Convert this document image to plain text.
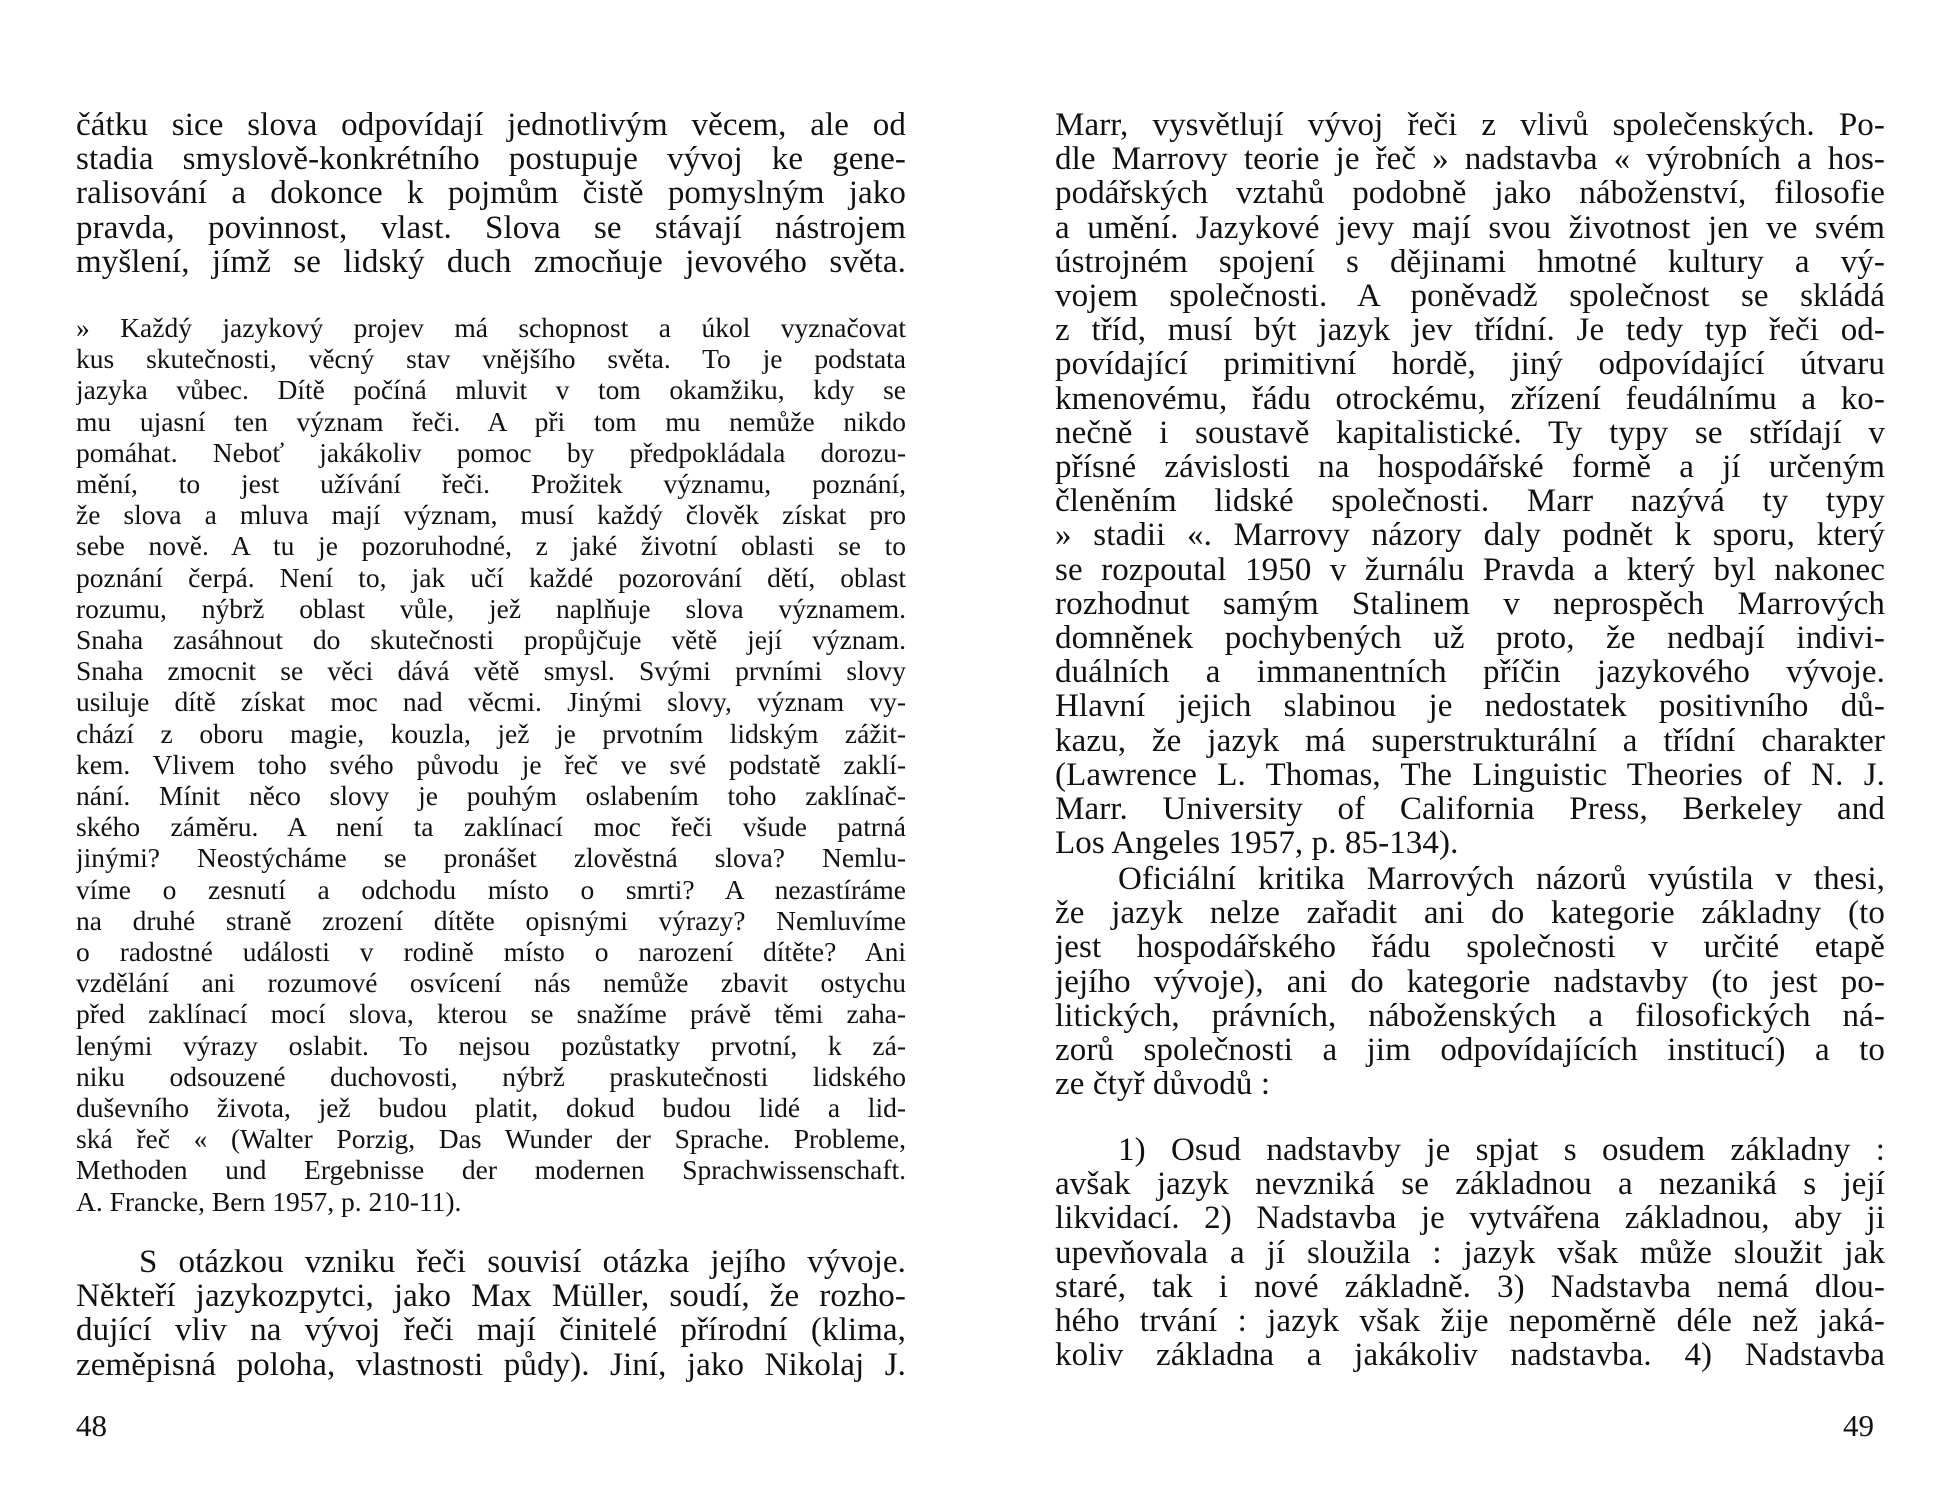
čátku sice slova odpovídají jednotlivým věcem, ale od
stadia smyslově-konkrétního postupuje vývoj ke gene-
ralisování a dokonce k pojmům čistě pomyslným jako
pravda, povinnost, vlast. Slova se stávají nástrojem
myšlení, jímž se lidský duch zmocňuje jevového světa.
» Každý jazykový projev má schopnost a úkol vyznačovat
kus skutečnosti, věcný stav vnějšího světa. To je podstata
jazyka vůbec. Dítě počíná mluvit v tom okamžiku, kdy se
mu ujasní ten význam řeči. A při tom mu nemůže nikdo
pomáhat. Neboť jakákoliv pomoc by předpokládala dorozu-
mění, to jest užívání řeči. Prožitek významu, poznání,
že slova a mluva mají význam, musí každý člověk získat pro
sebe nově. A tu je pozoruhodné, z jaké životní oblasti se to
poznání čerpá. Není to, jak učí každé pozorování dětí, oblast
rozumu, nýbrž oblast vůle, jež naplňuje slova významem.
Snaha zasáhnout do skutečnosti propůjčuje větě její význam.
Snaha zmocnit se věci dává větě smysl. Svými prvními slovy
usiluje dítě získat moc nad věcmi. Jinými slovy, význam vy-
chází z oboru magie, kouzla, jež je prvotním lidským zážit-
kem. Vlivem toho svého původu je řeč ve své podstatě zaklí-
nání. Mínit něco slovy je pouhým oslabením toho zaklínač-
ského záměru. A není ta zaklínací moc řeči všude patrná
jinými? Neostýcháme se pronášet zlověstná slova? Nemlu-
víme o zesnutí a odchodu místo o smrti? A nezastíráme
na druhé straně zrození dítěte opisnými výrazy? Nemluvíme
o radostné události v rodině místo o narození dítěte? Ani
vzdělání ani rozumové osvícení nás nemůže zbavit ostychu
před zaklínací mocí slova, kterou se snažíme právě těmi zaha-
lenými výrazy oslabit. To nejsou pozůstatky prvotní, k zá-
niku odsouzené duchovosti, nýbrž praskutečnosti lidského
duševního života, jež budou platit, dokud budou lidé a lid-
ská řeč « (Walter Porzig, Das Wunder der Sprache. Probleme,
Methoden und Ergebnisse der modernen Sprachwissenschaft.
A. Francke, Bern 1957, p. 210-11).
S otázkou vzniku řeči souvisí otázka jejího vývoje.
Někteří jazykozpytci, jako Max Müller, soudí, že rozho-
dující vliv na vývoj řeči mají činitelé přírodní (klima,
zeměpisná poloha, vlastnosti půdy). Jiní, jako Nikolaj J.
48
Marr, vysvětlují vývoj řeči z vlivů společenských. Po-
dle Marrovy teorie je řeč » nadstavba « výrobních a hos-
podářských vztahů podobně jako náboženství, filosofie
a umění. Jazykové jevy mají svou životnost jen ve svém
ústrojném spojení s dějinami hmotné kultury a vý-
vojem společnosti. A poněvadž společnost se skládá
z tříd, musí být jazyk jev třídní. Je tedy typ řeči od-
povídající primitivní hordě, jiný odpovídající útvaru
kmenovému, řádu otrockému, zřízení feudálnímu a ko-
nečně i soustavě kapitalistické. Ty typy se střídají v
přísné závislosti na hospodářské formě a jí určeným
členěním lidské společnosti. Marr nazývá ty typy
» stadii «. Marrovy názory daly podnět k sporu, který
se rozpoutal 1950 v žurnálu Pravda a který byl nakonec
rozhodnut samým Stalinem v neprospěch Marrových
domněnek pochybených už proto, že nedbají indivi-
duálních a immanentních příčin jazykového vývoje.
Hlavní jejich slabinou je nedostatek positivního dů-
kazu, že jazyk má superstrukturální a třídní charakter
(Lawrence L. Thomas, The Linguistic Theories of N. J.
Marr. University of California Press, Berkeley and
Los Angeles 1957, p. 85-134).
Oficiální kritika Marrových názorů vyústila v thesi,
že jazyk nelze zařadit ani do kategorie základny (to
jest hospodářského řádu společnosti v určité etapě
jejího vývoje), ani do kategorie nadstavby (to jest po-
litických, právních, náboženských a filosofických ná-
zorů společnosti a jim odpovídajících institucí) a to
ze čtyř důvodů :
1) Osud nadstavby je spjat s osudem základny :
avšak jazyk nevzniká se základnou a nezaniká s její
likvidací. 2) Nadstavba je vytvářena základnou, aby ji
upevňovala a jí sloužila : jazyk však může sloužit jak
staré, tak i nové základně. 3) Nadstavba nemá dlou-
hého trvání : jazyk však žije nepoměrně déle než jaká-
koliv základna a jakákoliv nadstavba. 4) Nadstavba
49
